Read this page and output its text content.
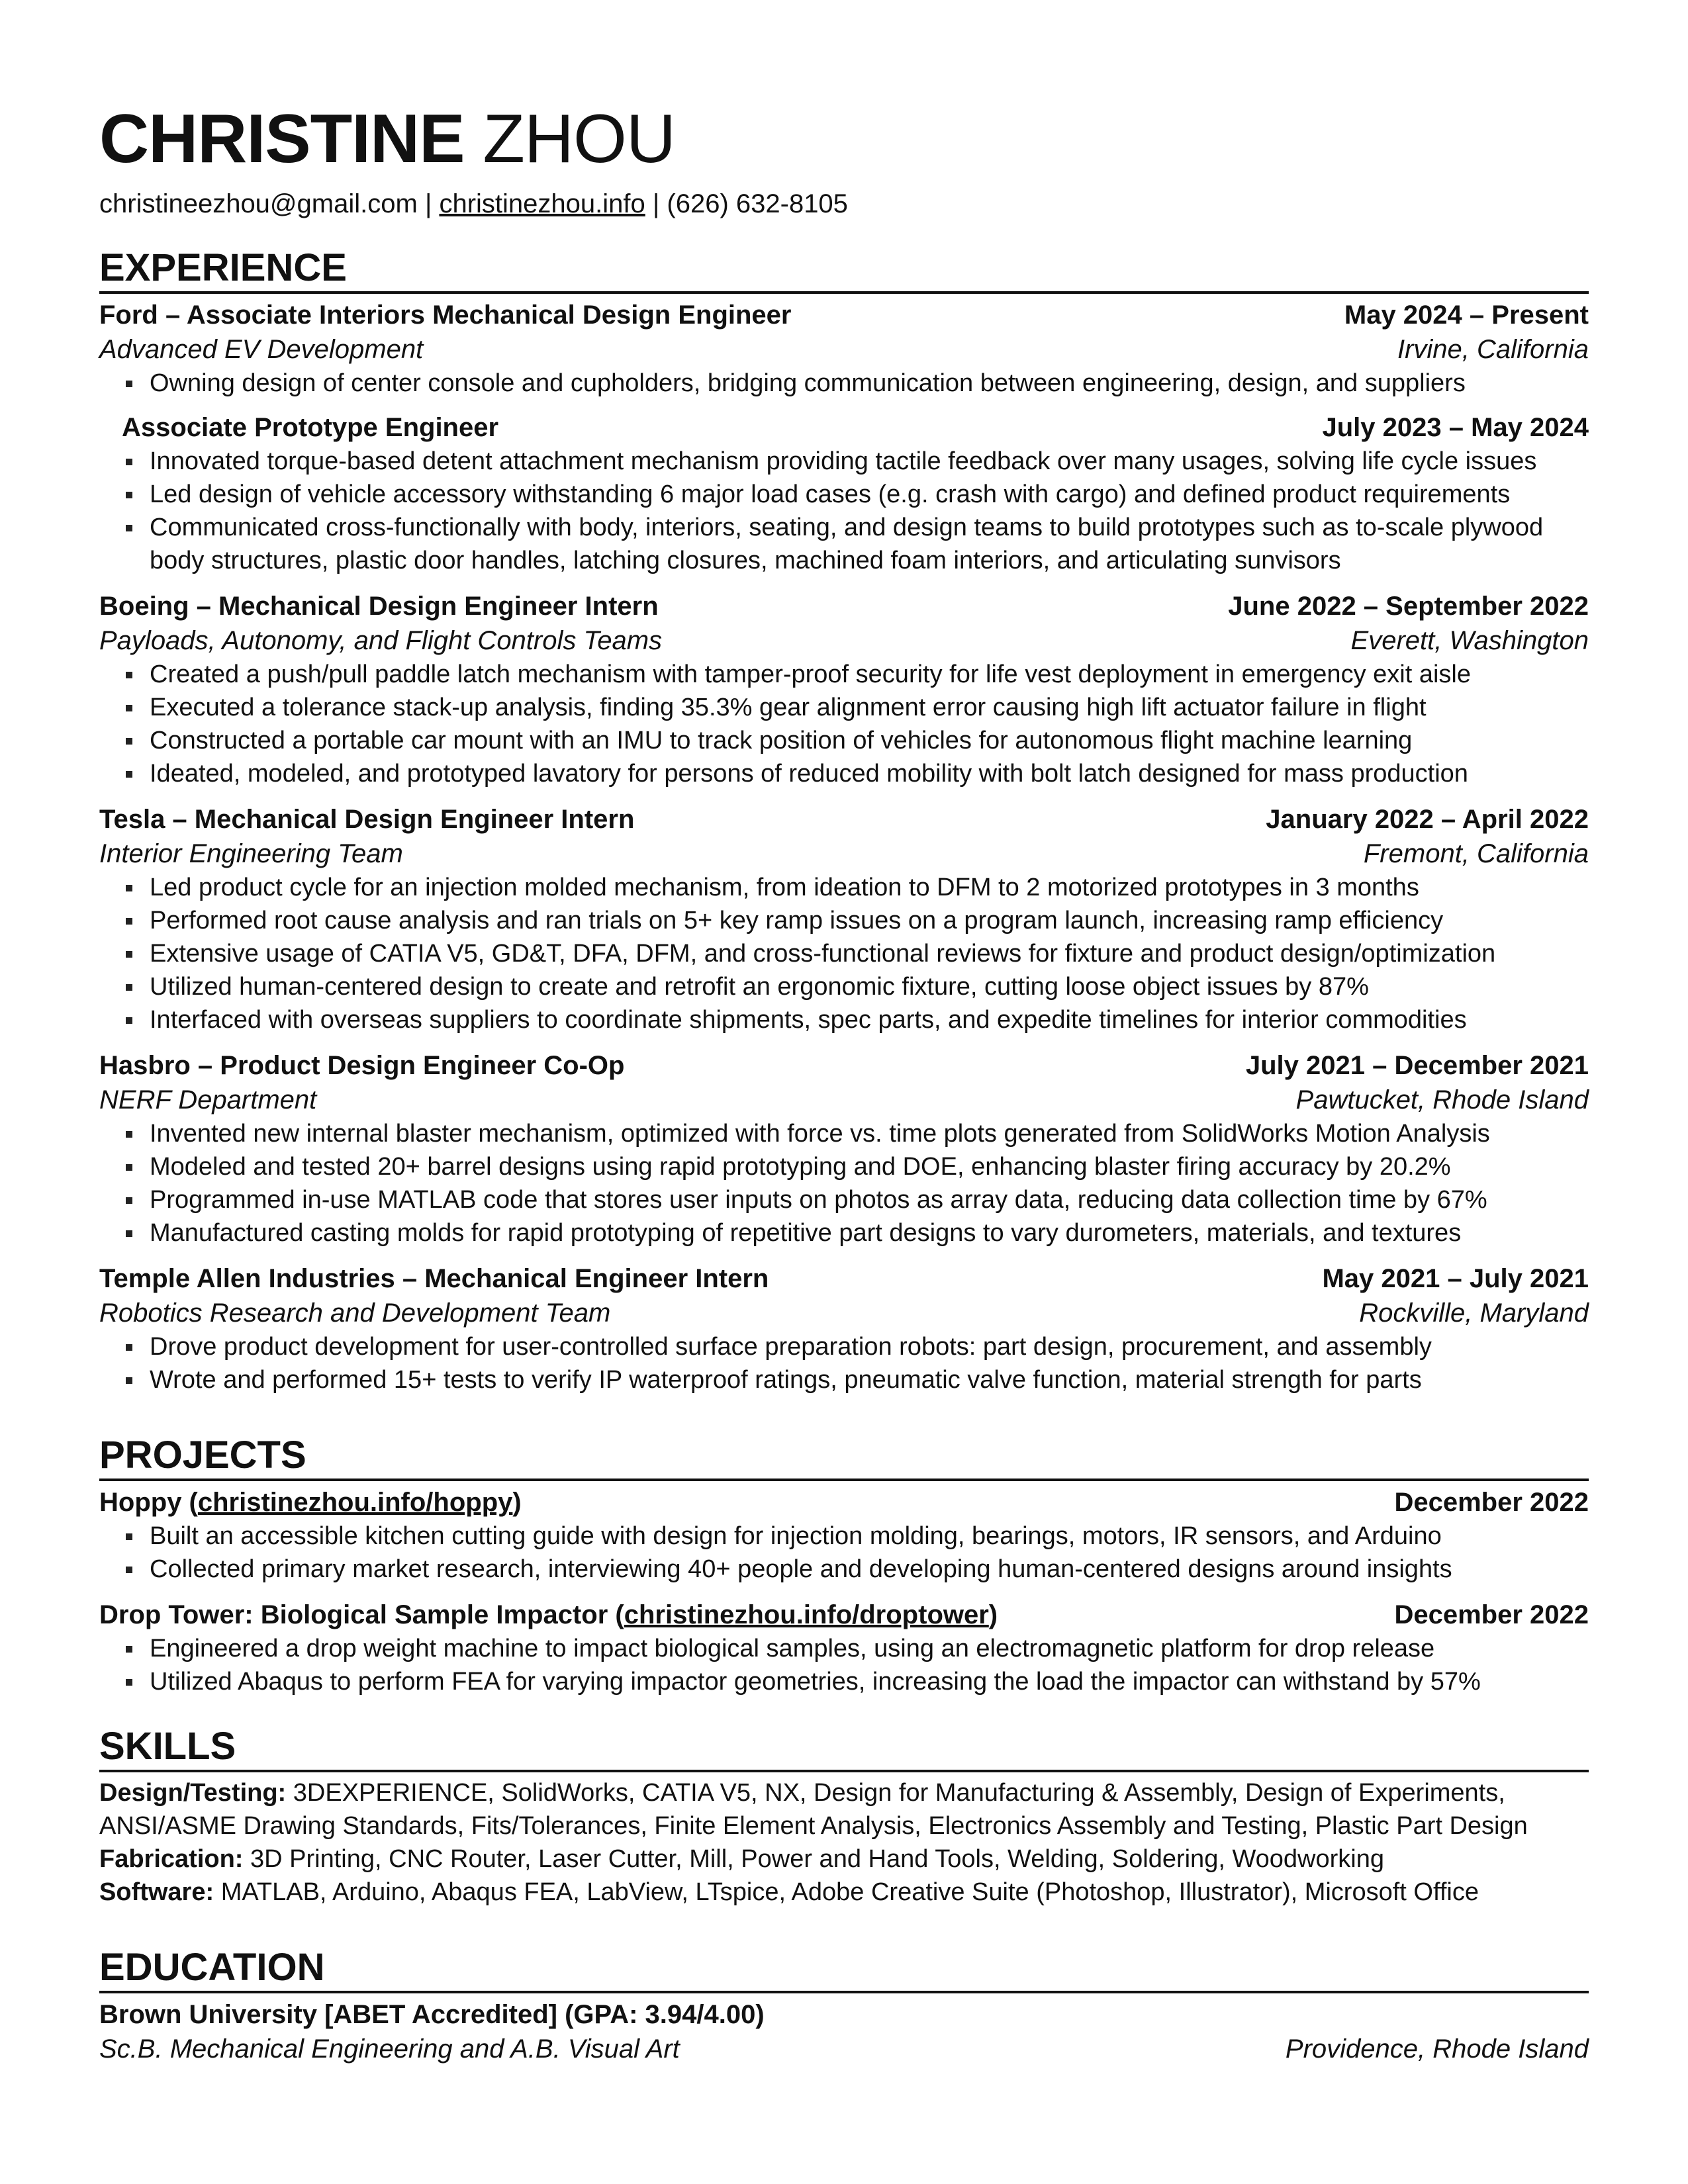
CHRISTINE ZHOU
christineezhou@gmail.com | christinezhou.info | (626) 632-8105
EXPERIENCE
Ford – Associate Interiors Mechanical Design Engineer	May 2024 – Present
Advanced EV Development	Irvine, California
Owning design of center console and cupholders, bridging communication between engineering, design, and suppliers
Associate Prototype Engineer	July 2023 – May 2024
Innovated torque-based detent attachment mechanism providing tactile feedback over many usages, solving life cycle issues
Led design of vehicle accessory withstanding 6 major load cases (e.g. crash with cargo) and defined product requirements
Communicated cross-functionally with body, interiors, seating, and design teams to build prototypes such as to-scale plywood body structures, plastic door handles, latching closures, machined foam interiors, and articulating sunvisors
Boeing – Mechanical Design Engineer Intern	June 2022 – September 2022
Payloads, Autonomy, and Flight Controls Teams	Everett, Washington
Created a push/pull paddle latch mechanism with tamper-proof security for life vest deployment in emergency exit aisle
Executed a tolerance stack-up analysis, finding 35.3% gear alignment error causing high lift actuator failure in flight
Constructed a portable car mount with an IMU to track position of vehicles for autonomous flight machine learning
Ideated, modeled, and prototyped lavatory for persons of reduced mobility with bolt latch designed for mass production
Tesla – Mechanical Design Engineer Intern	January 2022 – April 2022
Interior Engineering Team	Fremont, California
Led product cycle for an injection molded mechanism, from ideation to DFM to 2 motorized prototypes in 3 months
Performed root cause analysis and ran trials on 5+ key ramp issues on a program launch, increasing ramp efficiency
Extensive usage of CATIA V5, GD&T, DFA, DFM, and cross-functional reviews for fixture and product design/optimization
Utilized human-centered design to create and retrofit an ergonomic fixture, cutting loose object issues by 87%
Interfaced with overseas suppliers to coordinate shipments, spec parts, and expedite timelines for interior commodities
Hasbro – Product Design Engineer Co-Op	July 2021 – December 2021
NERF Department	Pawtucket, Rhode Island
Invented new internal blaster mechanism, optimized with force vs. time plots generated from SolidWorks Motion Analysis
Modeled and tested 20+ barrel designs using rapid prototyping and DOE, enhancing blaster firing accuracy by 20.2%
Programmed in-use MATLAB code that stores user inputs on photos as array data, reducing data collection time by 67%
Manufactured casting molds for rapid prototyping of repetitive part designs to vary durometers, materials, and textures
Temple Allen Industries – Mechanical Engineer Intern	May 2021 – July 2021
Robotics Research and Development Team	Rockville, Maryland
Drove product development for user-controlled surface preparation robots: part design, procurement, and assembly
Wrote and performed 15+ tests to verify IP waterproof ratings, pneumatic valve function, material strength for parts
PROJECTS
Hoppy (christinezhou.info/hoppy)	December 2022
Built an accessible kitchen cutting guide with design for injection molding, bearings, motors, IR sensors, and Arduino
Collected primary market research, interviewing 40+ people and developing human-centered designs around insights
Drop Tower: Biological Sample Impactor (christinezhou.info/droptower)	December 2022
Engineered a drop weight machine to impact biological samples, using an electromagnetic platform for drop release
Utilized Abaqus to perform FEA for varying impactor geometries, increasing the load the impactor can withstand by 57%
SKILLS

Design/Testing: 3DEXPERIENCE, SolidWorks, CATIA V5, NX, Design for Manufacturing & Assembly, Design of Experiments, ANSI/ASME Drawing Standards, Fits/Tolerances, Finite Element Analysis, Electronics Assembly and Testing, Plastic Part Design

Fabrication: 3D Printing, CNC Router, Laser Cutter, Mill, Power and Hand Tools, Welding, Soldering, Woodworking

Software: MATLAB, Arduino, Abaqus FEA, LabView, LTspice, Adobe Creative Suite (Photoshop, Illustrator), Microsoft Office

EDUCATION
Brown University [ABET Accredited] (GPA: 3.94/4.00)
Sc.B. Mechanical Engineering and A.B. Visual Art	Providence, Rhode Island
